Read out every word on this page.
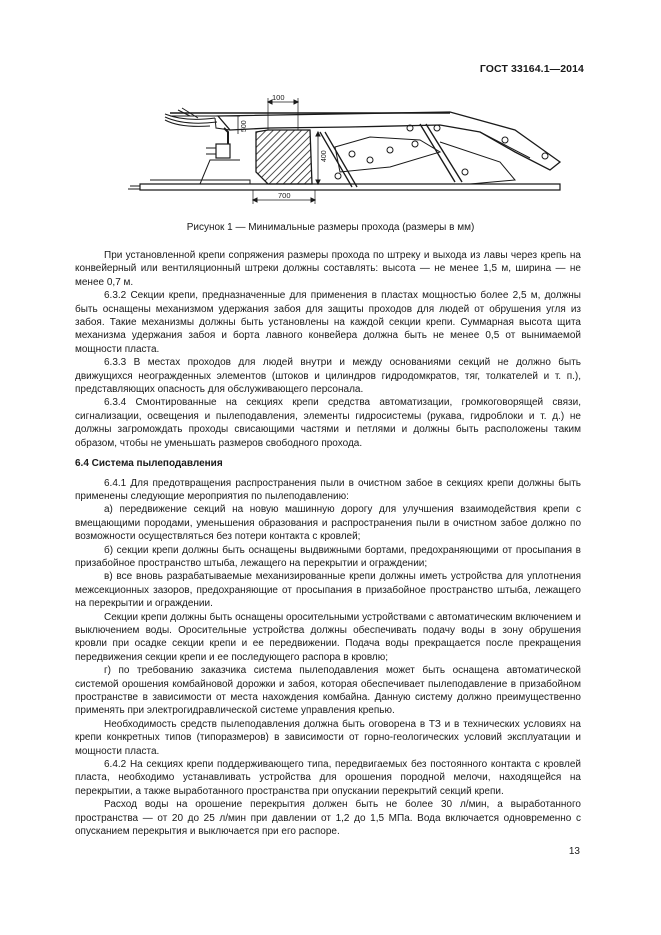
ГОСТ 33164.1—2014
100
700
400
500
Рисунок 1 — Минимальные размеры прохода (размеры в мм)

При установленной крепи сопряжения размеры прохода по штреку и выхода из лавы через крепь на конвейерный или вентиляционный штреки должны составлять: высота — не менее 1,5 м, ширина — не менее 0,7 м.

6.3.2 Секции крепи, предназначенные для применения в пластах мощностью более 2,5 м, должны быть оснащены механизмом удержания забоя для защиты проходов для людей от обрушения угля из забоя. Такие механизмы должны быть установлены на каждой секции крепи. Суммарная высота щита механизма удержания забоя и борта лавного конвейера должна быть не менее 0,5 от вынимаемой мощности пласта.

6.3.3 В местах проходов для людей внутри и между основаниями секций не должно быть движущихся неогражденных элементов (штоков и цилиндров гидродомкратов, тяг, толкателей и т. п.), представляющих опасность для обслуживающего персонала.

6.3.4 Смонтированные на секциях крепи средства автоматизации, громкоговорящей связи, сигнализации, освещения и пылеподавления, элементы гидросистемы (рукава, гидроблоки и т. д.) не должны загромождать проходы свисающими частями и петлями и должны быть расположены таким образом, чтобы не уменьшать размеров свободного прохода.

6.4 Система пылеподавления

6.4.1 Для предотвращения распространения пыли в очистном забое в секциях крепи должны быть применены следующие мероприятия по пылеподавлению:

а) передвижение секций на новую машинную дорогу для улучшения взаимодействия крепи с вмещающими породами, уменьшения образования и распространения пыли в очистном забое должно по возможности осуществляться без потери контакта с кровлей;

б) секции крепи должны быть оснащены выдвижными бортами, предохраняющими от просыпания в призабойное пространство штыба, лежащего на перекрытии и ограждении;

в) все вновь разрабатываемые механизированные крепи должны иметь устройства для уплотнения межсекционных зазоров, предохраняющие от просыпания в призабойное пространство штыба, лежащего на перекрытии и ограждении.

Секции крепи должны быть оснащены оросительными устройствами с автоматическим включением и выключением воды. Оросительные устройства должны обеспечивать подачу воды в зону обрушения кровли при осадке секции крепи и ее передвижении. Подача воды прекращается после прекращения передвижения секции крепи и ее последующего распора в кровлю;

г) по требованию заказчика система пылеподавления может быть оснащена автоматической системой орошения комбайновой дорожки и забоя, которая обеспечивает пылеподавление в призабойном пространстве в зависимости от места нахождения комбайна. Данную систему должно преимущественно применять при электрогидравлической системе управления крепью.

Необходимость средств пылеподавления должна быть оговорена в ТЗ и в технических условиях на крепи конкретных типов (типоразмеров) в зависимости от горно-геологических условий эксплуатации и мощности пласта.

6.4.2 На секциях крепи поддерживающего типа, передвигаемых без постоянного контакта с кровлей пласта, необходимо устанавливать устройства для орошения породной мелочи, находящейся на перекрытии, а также выработанного пространства при опускании перекрытий секций крепи.

Расход воды на орошение перекрытия должен быть не более 30 л/мин, а выработанного пространства — от 20 до 25 л/мин при давлении от 1,2 до 1,5 МПа. Вода включается одновременно с опусканием перекрытия и выключается при его распоре.

13
